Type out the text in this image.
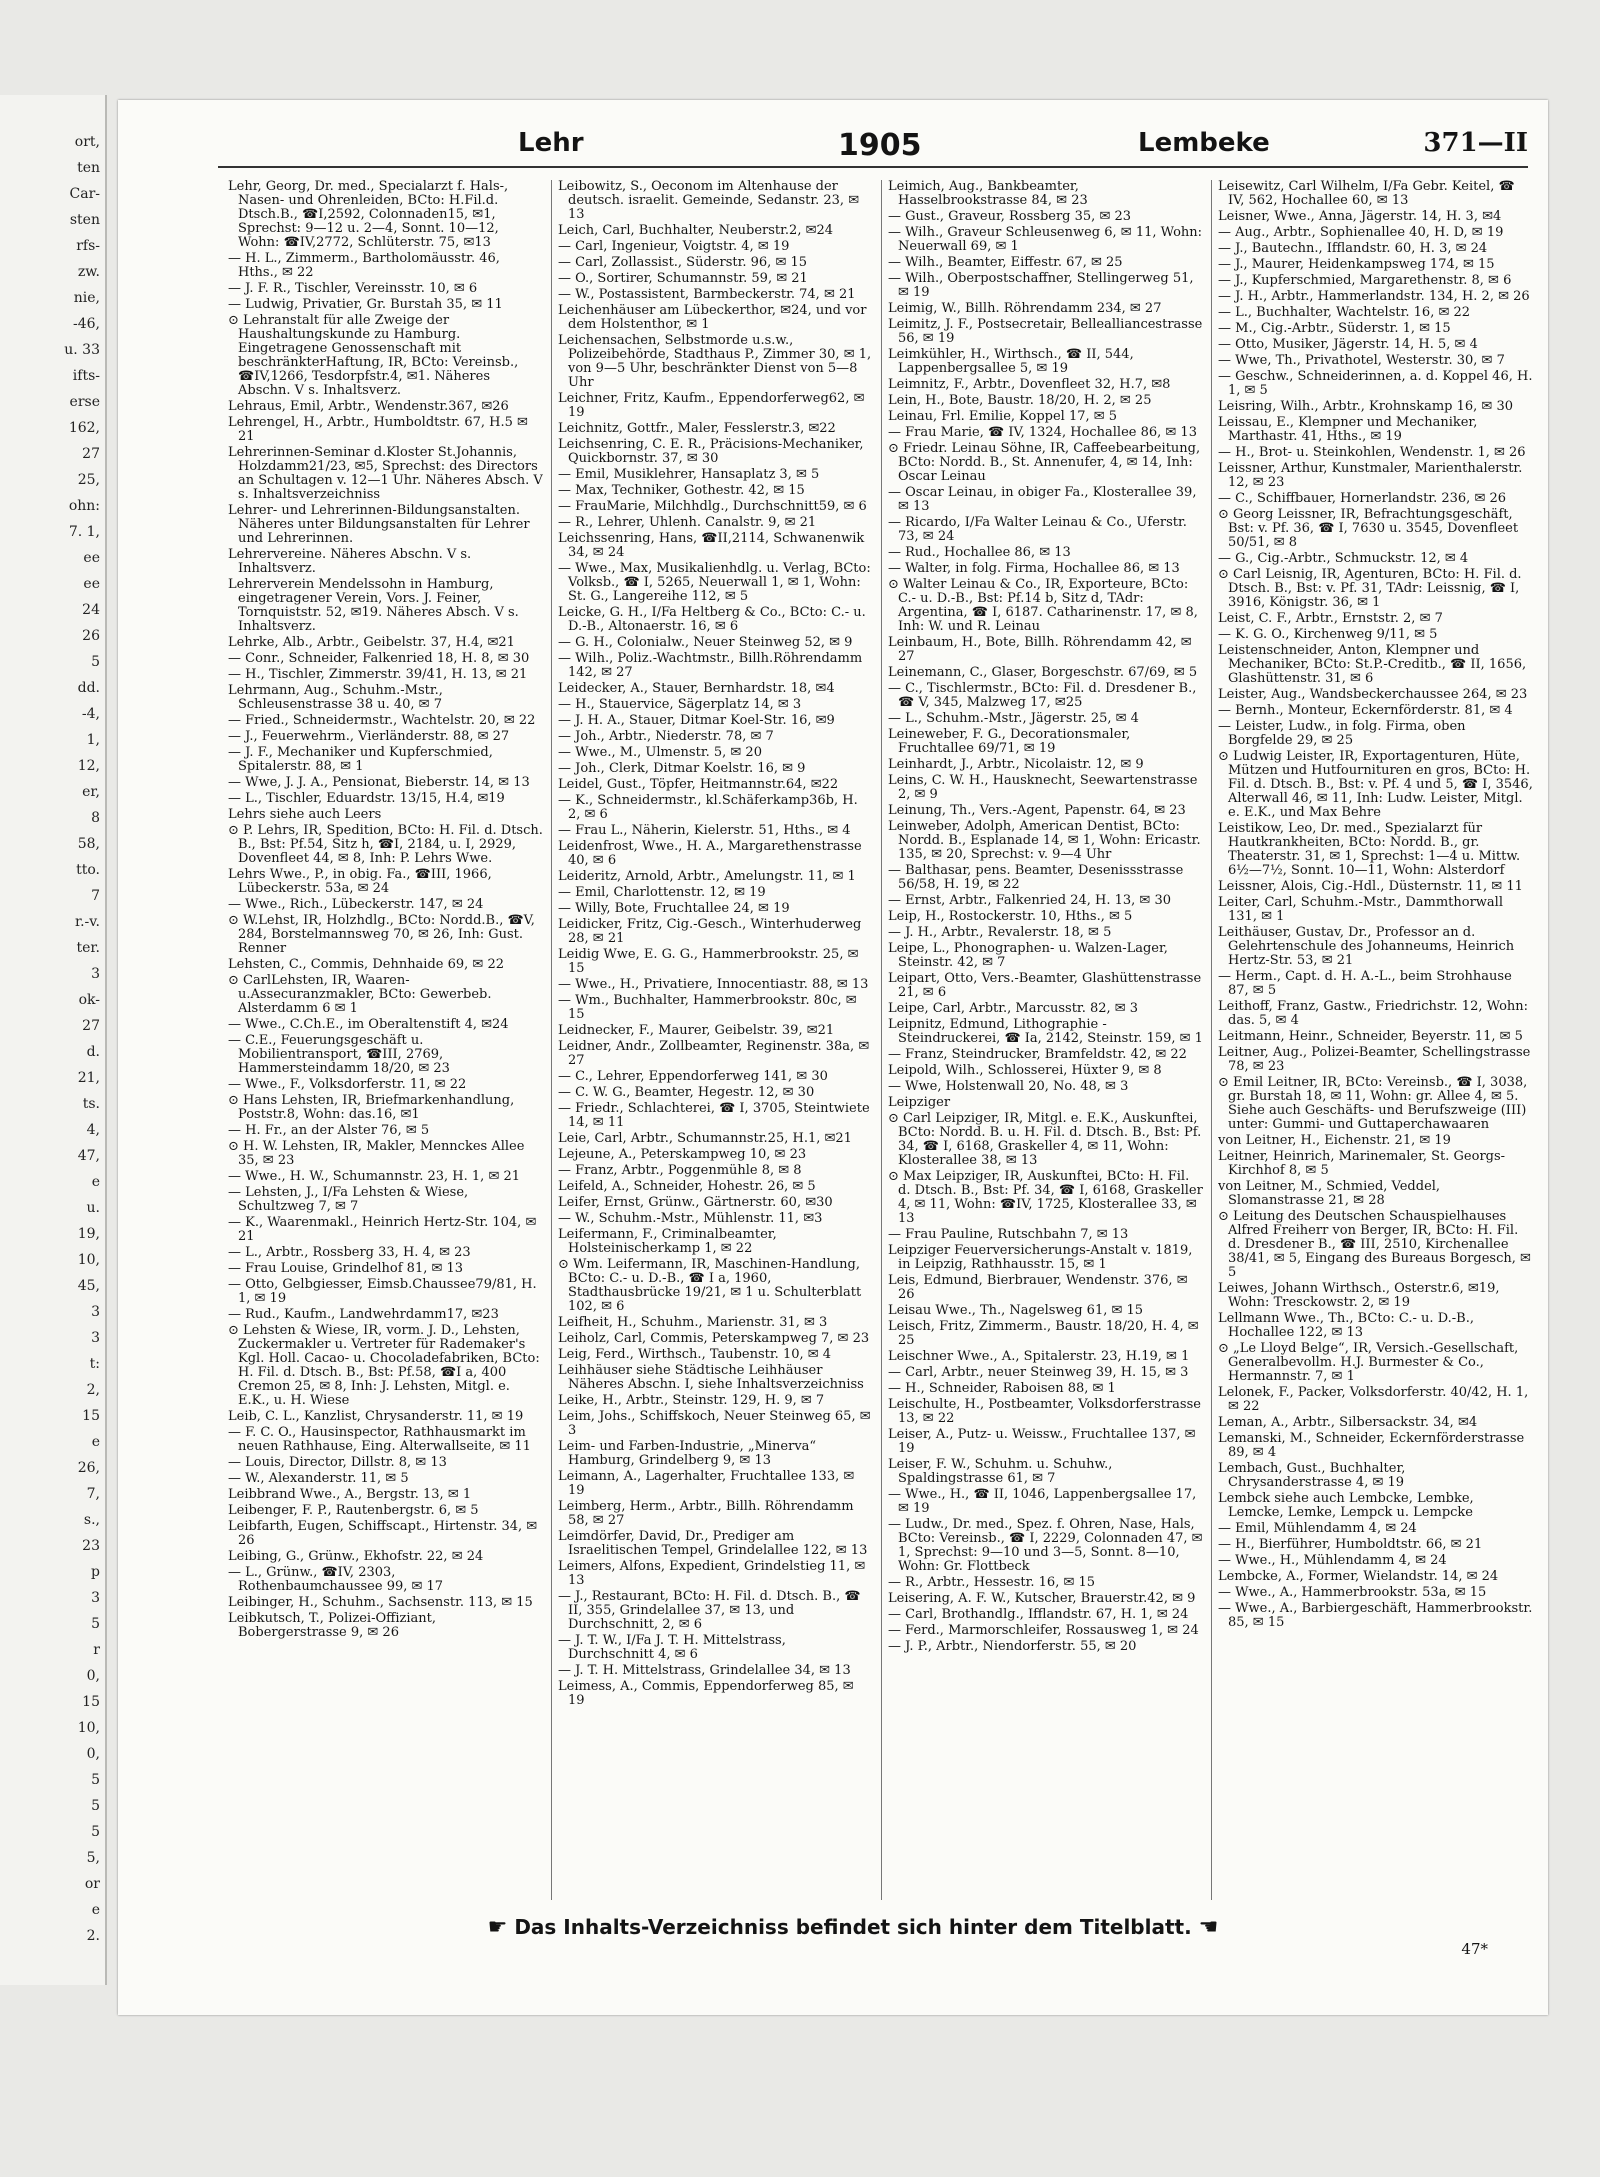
ort,
ten
Car-
sten
rfs-
zw.
nie,
-46,
u. 33
ifts-
erse
162,
27
25,
ohn:
7. 1,
ee
ee
24
26
5
dd.
-4,
1,
12,
er,
8
58,
tto.
7
r.-v.
ter.
3
ok-
27
d.
21,
ts.
4,
47,
e
u.
19,
10,
45,
3
3
t:
2,
15
e
26,
7,
s.,
23
p
3
5
r
0,
15
10,
0,
5
5
5
5,
or
e
2.
Lehr	1905	Lembeke	371—II
Lehr, Georg, Dr. med., Specialarzt f. Hals-, Nasen- und Ohrenleiden, BCto: H.Fil.d. Dtsch.B., ☎I,2592, Colonnaden15, ✉1, Sprechst: 9—12 u. 2—4, Sonnt. 10—12, Wohn: ☎IV,2772, Schlüterstr. 75, ✉13
— H. L., Zimmerm., Bartholomäusstr. 46, Hths., ✉ 22
— J. F. R., Tischler, Vereinsstr. 10, ✉ 6
— Ludwig, Privatier, Gr. Burstah 35, ✉ 11
⊙ Lehranstalt für alle Zweige der Haushaltungskunde zu Hamburg. Eingetragene Genossenschaft mit beschränkterHaftung, IR, BCto: Vereinsb., ☎IV,1266, Tesdorpfstr.4, ✉1. Näheres Abschn. V s. Inhaltsverz.
Lehraus, Emil, Arbtr., Wendenstr.367, ✉26
Lehrengel, H., Arbtr., Humboldtstr. 67, H.5 ✉ 21
Lehrerinnen-Seminar d.Kloster St.Johannis, Holzdamm21/23, ✉5, Sprechst: des Directors an Schultagen v. 12—1 Uhr. Näheres Absch. V s. Inhaltsverzeichniss
Lehrer- und Lehrerinnen-Bildungsanstalten. Näheres unter Bildungsanstalten für Lehrer und Lehrerinnen.
Lehrervereine. Näheres Abschn. V s. Inhaltsverz.
Lehrerverein Mendelssohn in Hamburg, eingetragener Verein, Vors. J. Feiner, Tornquiststr. 52, ✉19. Näheres Absch. V s. Inhaltsverz.
Lehrke, Alb., Arbtr., Geibelstr. 37, H.4, ✉21
— Conr., Schneider, Falkenried 18, H. 8, ✉ 30
— H., Tischler, Zimmerstr. 39/41, H. 13, ✉ 21
Lehrmann, Aug., Schuhm.-Mstr., Schleusenstrasse 38 u. 40, ✉ 7
— Fried., Schneidermstr., Wachtelstr. 20, ✉ 22
— J., Feuerwehrm., Vierländerstr. 88, ✉ 27
— J. F., Mechaniker und Kupferschmied, Spitalerstr. 88, ✉ 1
— Wwe, J. J. A., Pensionat, Bieberstr. 14, ✉ 13
— L., Tischler, Eduardstr. 13/15, H.4, ✉19
Lehrs siehe auch Leers
⊙ P. Lehrs, IR, Spedition, BCto: H. Fil. d. Dtsch. B., Bst: Pf.54, Sitz h, ☎I, 2184, u. I, 2929, Dovenfleet 44, ✉ 8, Inh: P. Lehrs Wwe.
Lehrs Wwe., P., in obig. Fa., ☎III, 1966, Lübeckerstr. 53a, ✉ 24
— Wwe., Rich., Lübeckerstr. 147, ✉ 24
⊙ W.Lehst, IR, Holzhdlg., BCto: Nordd.B., ☎V, 284, Borstelmannsweg 70, ✉ 26, Inh: Gust. Renner
Lehsten, C., Commis, Dehnhaide 69, ✉ 22
⊙ CarlLehsten, IR, Waaren-u.Assecuranzmakler, BCto: Gewerbeb. Alsterdamm 6 ✉ 1
— Wwe., C.Ch.E., im Oberaltenstift 4, ✉24
— C.E., Feuerungsgeschäft u. Mobilientransport, ☎III, 2769, Hammersteindamm 18/20, ✉ 23
— Wwe., F., Volksdorferstr. 11, ✉ 22
⊙ Hans Lehsten, IR, Briefmarkenhandlung, Poststr.8, Wohn: das.16, ✉1
— H. Fr., an der Alster 76, ✉ 5
⊙ H. W. Lehsten, IR, Makler, Mennckes Allee 35, ✉ 23
— Wwe., H. W., Schumannstr. 23, H. 1, ✉ 21
— Lehsten, J., I/Fa Lehsten & Wiese, Schultzweg 7, ✉ 7
— K., Waarenmakl., Heinrich Hertz-Str. 104, ✉ 21
— L., Arbtr., Rossberg 33, H. 4, ✉ 23
— Frau Louise, Grindelhof 81, ✉ 13
— Otto, Gelbgiesser, Eimsb.Chaussee79/81, H. 1, ✉ 19
— Rud., Kaufm., Landwehrdamm17, ✉23
⊙ Lehsten & Wiese, IR, vorm. J. D., Lehsten, Zuckermakler u. Vertreter für Rademaker's Kgl. Holl. Cacao- u. Chocoladefabriken, BCto: H. Fil. d. Dtsch. B., Bst: Pf.58, ☎I a, 400 Cremon 25, ✉ 8, Inh: J. Lehsten, Mitgl. e. E.K., u. H. Wiese
Leib, C. L., Kanzlist, Chrysanderstr. 11, ✉ 19
— F. C. O., Hausinspector, Rathhausmarkt im neuen Rathhause, Eing. Alterwallseite, ✉ 11
— Louis, Director, Dillstr. 8, ✉ 13
— W., Alexanderstr. 11, ✉ 5
Leibbrand Wwe., A., Bergstr. 13, ✉ 1
Leibenger, F. P., Rautenbergstr. 6, ✉ 5
Leibfarth, Eugen, Schiffscapt., Hirtenstr. 34, ✉ 26
Leibing, G., Grünw., Ekhofstr. 22, ✉ 24
— L., Grünw., ☎IV, 2303, Rothenbaumchaussee 99, ✉ 17
Leibinger, H., Schuhm., Sachsenstr. 113, ✉ 15
Leibkutsch, T., Polizei-Offiziant, Bobergerstrasse 9, ✉ 26
Leibowitz, S., Oeconom im Altenhause der deutsch. israelit. Gemeinde, Sedanstr. 23, ✉ 13
Leich, Carl, Buchhalter, Neuberstr.2, ✉24
— Carl, Ingenieur, Voigtstr. 4, ✉ 19
— Carl, Zollassist., Süderstr. 96, ✉ 15
— O., Sortirer, Schumannstr. 59, ✉ 21
— W., Postassistent, Barmbeckerstr. 74, ✉ 21
Leichenhäuser am Lübeckerthor, ✉24, und vor dem Holstenthor, ✉ 1
Leichensachen, Selbstmorde u.s.w., Polizeibehörde, Stadthaus P., Zimmer 30, ✉ 1, von 9—5 Uhr, beschränkter Dienst von 5—8 Uhr
Leichner, Fritz, Kaufm., Eppendorferweg62, ✉ 19
Leichnitz, Gottfr., Maler, Fesslerstr.3, ✉22
Leichsenring, C. E. R., Präcisions-Mechaniker, Quickbornstr. 37, ✉ 30
— Emil, Musiklehrer, Hansaplatz 3, ✉ 5
— Max, Techniker, Gothestr. 42, ✉ 15
— FrauMarie, Milchhdlg., Durchschnitt59, ✉ 6
— R., Lehrer, Uhlenh. Canalstr. 9, ✉ 21
Leichssenring, Hans, ☎II,2114, Schwanenwik 34, ✉ 24
— Wwe., Max, Musikalienhdlg. u. Verlag, BCto: Volksb., ☎ I, 5265, Neuerwall 1, ✉ 1, Wohn: St. G., Langereihe 112, ✉ 5
Leicke, G. H., I/Fa Heltberg & Co., BCto: C.- u. D.-B., Altonaerstr. 16, ✉ 6
— G. H., Colonialw., Neuer Steinweg 52, ✉ 9
— Wilh., Poliz.-Wachtmstr., Billh.Röhrendamm 142, ✉ 27
Leidecker, A., Stauer, Bernhardstr. 18, ✉4
— H., Stauervice, Sägerplatz 14, ✉ 3
— J. H. A., Stauer, Ditmar Koel-Str. 16, ✉9
— Joh., Arbtr., Niederstr. 78, ✉ 7
— Wwe., M., Ulmenstr. 5, ✉ 20
— Joh., Clerk, Ditmar Koelstr. 16, ✉ 9
Leidel, Gust., Töpfer, Heitmannstr.64, ✉22
— K., Schneidermstr., kl.Schäferkamp36b, H. 2, ✉ 6
— Frau L., Näherin, Kielerstr. 51, Hths., ✉ 4
Leidenfrost, Wwe., H. A., Margarethenstrasse 40, ✉ 6
Leideritz, Arnold, Arbtr., Amelungstr. 11, ✉ 1
— Emil, Charlottenstr. 12, ✉ 19
— Willy, Bote, Fruchtallee 24, ✉ 19
Leidicker, Fritz, Cig.-Gesch., Winterhuderweg 28, ✉ 21
Leidig Wwe, E. G. G., Hammerbrookstr. 25, ✉ 15
— Wwe., H., Privatiere, Innocentiastr. 88, ✉ 13
— Wm., Buchhalter, Hammerbrookstr. 80c, ✉ 15
Leidnecker, F., Maurer, Geibelstr. 39, ✉21
Leidner, Andr., Zollbeamter, Reginenstr. 38a, ✉ 27
— C., Lehrer, Eppendorferweg 141, ✉ 30
— C. W. G., Beamter, Hegestr. 12, ✉ 30
— Friedr., Schlachterei, ☎ I, 3705, Steintwiete 14, ✉ 11
Leie, Carl, Arbtr., Schumannstr.25, H.1, ✉21
Lejeune, A., Peterskampweg 10, ✉ 23
— Franz, Arbtr., Poggenmühle 8, ✉ 8
Leifeld, A., Schneider, Hohestr. 26, ✉ 5
Leifer, Ernst, Grünw., Gärtnerstr. 60, ✉30
— W., Schuhm.-Mstr., Mühlenstr. 11, ✉3
Leifermann, F., Criminalbeamter, Holsteinischerkamp 1, ✉ 22
⊙ Wm. Leifermann, IR, Maschinen-Handlung, BCto: C.- u. D.-B., ☎ I a, 1960, Stadthausbrücke 19/21, ✉ 1 u. Schulterblatt 102, ✉ 6
Leifheit, H., Schuhm., Marienstr. 31, ✉ 3
Leiholz, Carl, Commis, Peterskampweg 7, ✉ 23
Leig, Ferd., Wirthsch., Taubenstr. 10, ✉ 4
Leihhäuser siehe Städtische Leihhäuser Näheres Abschn. I, siehe Inhaltsverzeichniss
Leike, H., Arbtr., Steinstr. 129, H. 9, ✉ 7
Leim, Johs., Schiffskoch, Neuer Steinweg 65, ✉ 3
Leim- und Farben-Industrie, „Minerva“ Hamburg, Grindelberg 9, ✉ 13
Leimann, A., Lagerhalter, Fruchtallee 133, ✉ 19
Leimberg, Herm., Arbtr., Billh. Röhrendamm 58, ✉ 27
Leimdörfer, David, Dr., Prediger am Israelitischen Tempel, Grindelallee 122, ✉ 13
Leimers, Alfons, Expedient, Grindelstieg 11, ✉ 13
— J., Restaurant, BCto: H. Fil. d. Dtsch. B., ☎ II, 355, Grindelallee 37, ✉ 13, und Durchschnitt, 2, ✉ 6
— J. T. W., I/Fa J. T. H. Mittelstrass, Durchschnitt 4, ✉ 6
— J. T. H. Mittelstrass, Grindelallee 34, ✉ 13
Leimess, A., Commis, Eppendorferweg 85, ✉ 19
Leimich, Aug., Bankbeamter, Hasselbrookstrasse 84, ✉ 23
— Gust., Graveur, Rossberg 35, ✉ 23
— Wilh., Graveur Schleusenweg 6, ✉ 11, Wohn: Neuerwall 69, ✉ 1
— Wilh., Beamter, Eiffestr. 67, ✉ 25
— Wilh., Oberpostschaffner, Stellingerweg 51, ✉ 19
Leimig, W., Billh. Röhrendamm 234, ✉ 27
Leimitz, J. F., Postsecretair, Bellealliancestrasse 56, ✉ 19
Leimkühler, H., Wirthsch., ☎ II, 544, Lappenbergsallee 5, ✉ 19
Leimnitz, F., Arbtr., Dovenfleet 32, H.7, ✉8
Lein, H., Bote, Baustr. 18/20, H. 2, ✉ 25
Leinau, Frl. Emilie, Koppel 17, ✉ 5
— Frau Marie, ☎ IV, 1324, Hochallee 86, ✉ 13
⊙ Friedr. Leinau Söhne, IR, Caffeebearbeitung, BCto: Nordd. B., St. Annenufer, 4, ✉ 14, Inh: Oscar Leinau
— Oscar Leinau, in obiger Fa., Klosterallee 39, ✉ 13
— Ricardo, I/Fa Walter Leinau & Co., Uferstr. 73, ✉ 24
— Rud., Hochallee 86, ✉ 13
— Walter, in folg. Firma, Hochallee 86, ✉ 13
⊙ Walter Leinau & Co., IR, Exporteure, BCto: C.- u. D.-B., Bst: Pf.14 b, Sitz d, TAdr: Argentina, ☎ I, 6187. Catharinenstr. 17, ✉ 8, Inh: W. und R. Leinau
Leinbaum, H., Bote, Billh. Röhrendamm 42, ✉ 27
Leinemann, C., Glaser, Borgeschstr. 67/69, ✉ 5
— C., Tischlermstr., BCto: Fil. d. Dresdener B., ☎ V, 345, Malzweg 17, ✉25
— L., Schuhm.-Mstr., Jägerstr. 25, ✉ 4
Leineweber, F. G., Decorationsmaler, Fruchtallee 69/71, ✉ 19
Leinhardt, J., Arbtr., Nicolaistr. 12, ✉ 9
Leins, C. W. H., Hausknecht, Seewartenstrasse 2, ✉ 9
Leinung, Th., Vers.-Agent, Papenstr. 64, ✉ 23
Leinweber, Adolph, American Dentist, BCto: Nordd. B., Esplanade 14, ✉ 1, Wohn: Ericastr. 135, ✉ 20, Sprechst: v. 9—4 Uhr
— Balthasar, pens. Beamter, Desenissstrasse 56/58, H. 19, ✉ 22
— Ernst, Arbtr., Falkenried 24, H. 13, ✉ 30
Leip, H., Rostockerstr. 10, Hths., ✉ 5
— J. H., Arbtr., Revalerstr. 18, ✉ 5
Leipe, L., Phonographen- u. Walzen-Lager, Steinstr. 42, ✉ 7
Leipart, Otto, Vers.-Beamter, Glashüttenstrasse 21, ✉ 6
Leipe, Carl, Arbtr., Marcusstr. 82, ✉ 3
Leipnitz, Edmund, Lithographie - Steindruckerei, ☎ Ia, 2142, Steinstr. 159, ✉ 1
— Franz, Steindrucker, Bramfeldstr. 42, ✉ 22
Leipold, Wilh., Schlosserei, Hüxter 9, ✉ 8
— Wwe, Holstenwall 20, No. 48, ✉ 3
Leipziger
⊙ Carl Leipziger, IR, Mitgl. e. E.K., Auskunftei, BCto: Nordd. B. u. H. Fil. d. Dtsch. B., Bst: Pf. 34, ☎ I, 6168, Graskeller 4, ✉ 11, Wohn: Klosterallee 38, ✉ 13
⊙ Max Leipziger, IR, Auskunftei, BCto: H. Fil. d. Dtsch. B., Bst: Pf. 34, ☎ I, 6168, Graskeller 4, ✉ 11, Wohn: ☎IV, 1725, Klosterallee 33, ✉ 13
— Frau Pauline, Rutschbahn 7, ✉ 13
Leipziger Feuerversicherungs-Anstalt v. 1819, in Leipzig, Rathhausstr. 15, ✉ 1
Leis, Edmund, Bierbrauer, Wendenstr. 376, ✉ 26
Leisau Wwe., Th., Nagelsweg 61, ✉ 15
Leisch, Fritz, Zimmerm., Baustr. 18/20, H. 4, ✉ 25
Leischner Wwe., A., Spitalerstr. 23, H.19, ✉ 1
— Carl, Arbtr., neuer Steinweg 39, H. 15, ✉ 3
— H., Schneider, Raboisen 88, ✉ 1
Leischulte, H., Postbeamter, Volksdorferstrasse 13, ✉ 22
Leiser, A., Putz- u. Weissw., Fruchtallee 137, ✉ 19
Leiser, F. W., Schuhm. u. Schuhw., Spaldingstrasse 61, ✉ 7
— Wwe., H., ☎ II, 1046, Lappenbergsallee 17, ✉ 19
— Ludw., Dr. med., Spez. f. Ohren, Nase, Hals, BCto: Vereinsb., ☎ I, 2229, Colonnaden 47, ✉ 1, Sprechst: 9—10 und 3—5, Sonnt. 8—10, Wohn: Gr. Flottbeck
— R., Arbtr., Hessestr. 16, ✉ 15
Leisering, A. F. W., Kutscher, Brauerstr.42, ✉ 9
— Carl, Brothandlg., Ifflandstr. 67, H. 1, ✉ 24
— Ferd., Marmorschleifer, Rossausweg 1, ✉ 24
— J. P., Arbtr., Niendorferstr. 55, ✉ 20
Leisewitz, Carl Wilhelm, I/Fa Gebr. Keitel, ☎ IV, 562, Hochallee 60, ✉ 13
Leisner, Wwe., Anna, Jägerstr. 14, H. 3, ✉4
— Aug., Arbtr., Sophienallee 40, H. D, ✉ 19
— J., Bautechn., Ifflandstr. 60, H. 3, ✉ 24
— J., Maurer, Heidenkampsweg 174, ✉ 15
— J., Kupferschmied, Margarethenstr. 8, ✉ 6
— J. H., Arbtr., Hammerlandstr. 134, H. 2, ✉ 26
— L., Buchhalter, Wachtelstr. 16, ✉ 22
— M., Cig.-Arbtr., Süderstr. 1, ✉ 15
— Otto, Musiker, Jägerstr. 14, H. 5, ✉ 4
— Wwe, Th., Privathotel, Westerstr. 30, ✉ 7
— Geschw., Schneiderinnen, a. d. Koppel 46, H. 1, ✉ 5
Leisring, Wilh., Arbtr., Krohnskamp 16, ✉ 30
Leissau, E., Klempner und Mechaniker, Marthastr. 41, Hths., ✉ 19
— H., Brot- u. Steinkohlen, Wendenstr. 1, ✉ 26
Leissner, Arthur, Kunstmaler, Marienthalerstr. 12, ✉ 23
— C., Schiffbauer, Hornerlandstr. 236, ✉ 26
⊙ Georg Leissner, IR, Befrachtungsgeschäft, Bst: v. Pf. 36, ☎ I, 7630 u. 3545, Dovenfleet 50/51, ✉ 8
— G., Cig.-Arbtr., Schmuckstr. 12, ✉ 4
⊙ Carl Leisnig, IR, Agenturen, BCto: H. Fil. d. Dtsch. B., Bst: v. Pf. 31, TAdr: Leissnig, ☎ I, 3916, Königstr. 36, ✉ 1
Leist, C. F., Arbtr., Ernststr. 2, ✉ 7
— K. G. O., Kirchenweg 9/11, ✉ 5
Leistenschneider, Anton, Klempner und Mechaniker, BCto: St.P.-Creditb., ☎ II, 1656, Glashüttenstr. 31, ✉ 6
Leister, Aug., Wandsbeckerchaussee 264, ✉ 23
— Bernh., Monteur, Eckernförderstr. 81, ✉ 4
— Leister, Ludw., in folg. Firma, oben Borgfelde 29, ✉ 25
⊙ Ludwig Leister, IR, Exportagenturen, Hüte, Mützen und Hutfournituren en gros, BCto: H. Fil. d. Dtsch. B., Bst: v. Pf. 4 und 5, ☎ I, 3546, Alterwall 46, ✉ 11, Inh: Ludw. Leister, Mitgl. e. E.K., und Max Behre
Leistikow, Leo, Dr. med., Spezialarzt für Hautkrankheiten, BCto: Nordd. B., gr. Theaterstr. 31, ✉ 1, Sprechst: 1—4 u. Mittw. 6½—7½, Sonnt. 10—11, Wohn: Alsterdorf
Leissner, Alois, Cig.-Hdl., Düsternstr. 11, ✉ 11
Leiter, Carl, Schuhm.-Mstr., Dammthorwall 131, ✉ 1
Leithäuser, Gustav, Dr., Professor an d. Gelehrtenschule des Johanneums, Heinrich Hertz-Str. 53, ✉ 21
— Herm., Capt. d. H. A.-L., beim Strohhause 87, ✉ 5
Leithoff, Franz, Gastw., Friedrichstr. 12, Wohn: das. 5, ✉ 4
Leitmann, Heinr., Schneider, Beyerstr. 11, ✉ 5
Leitner, Aug., Polizei-Beamter, Schellingstrasse 78, ✉ 23
⊙ Emil Leitner, IR, BCto: Vereinsb., ☎ I, 3038, gr. Burstah 18, ✉ 11, Wohn: gr. Allee 4, ✉ 5. Siehe auch Geschäfts- und Berufszweige (III) unter: Gummi- und Guttaperchawaaren
von Leitner, H., Eichenstr. 21, ✉ 19
Leitner, Heinrich, Marinemaler, St. Georgs-Kirchhof 8, ✉ 5
von Leitner, M., Schmied, Veddel, Slomanstrasse 21, ✉ 28
⊙ Leitung des Deutschen Schauspielhauses Alfred Freiherr von Berger, IR, BCto: H. Fil. d. Dresdener B., ☎ III, 2510, Kirchenallee 38/41, ✉ 5, Eingang des Bureaus Borgesch, ✉ 5
Leiwes, Johann Wirthsch., Osterstr.6, ✉19, Wohn: Tresckowstr. 2, ✉ 19
Lellmann Wwe., Th., BCto: C.- u. D.-B., Hochallee 122, ✉ 13
⊙ „Le Lloyd Belge“, IR, Versich.-Gesellschaft, Generalbevollm. H.J. Burmester & Co., Hermannstr. 7, ✉ 1
Lelonek, F., Packer, Volksdorferstr. 40/42, H. 1, ✉ 22
Leman, A., Arbtr., Silbersackstr. 34, ✉4
Lemanski, M., Schneider, Eckernförderstrasse 89, ✉ 4
Lembach, Gust., Buchhalter, Chrysanderstrasse 4, ✉ 19
Lembck siehe auch Lembcke, Lembke, Lemcke, Lemke, Lempck u. Lempcke
— Emil, Mühlendamm 4, ✉ 24
— H., Bierführer, Humboldtstr. 66, ✉ 21
— Wwe., H., Mühlendamm 4, ✉ 24
Lembcke, A., Former, Wielandstr. 14, ✉ 24
— Wwe., A., Hammerbrookstr. 53a, ✉ 15
— Wwe., A., Barbiergeschäft, Hammerbrookstr. 85, ✉ 15
☛ Das Inhalts-Verzeichniss befindet sich hinter dem Titelblatt. ☚
47*
